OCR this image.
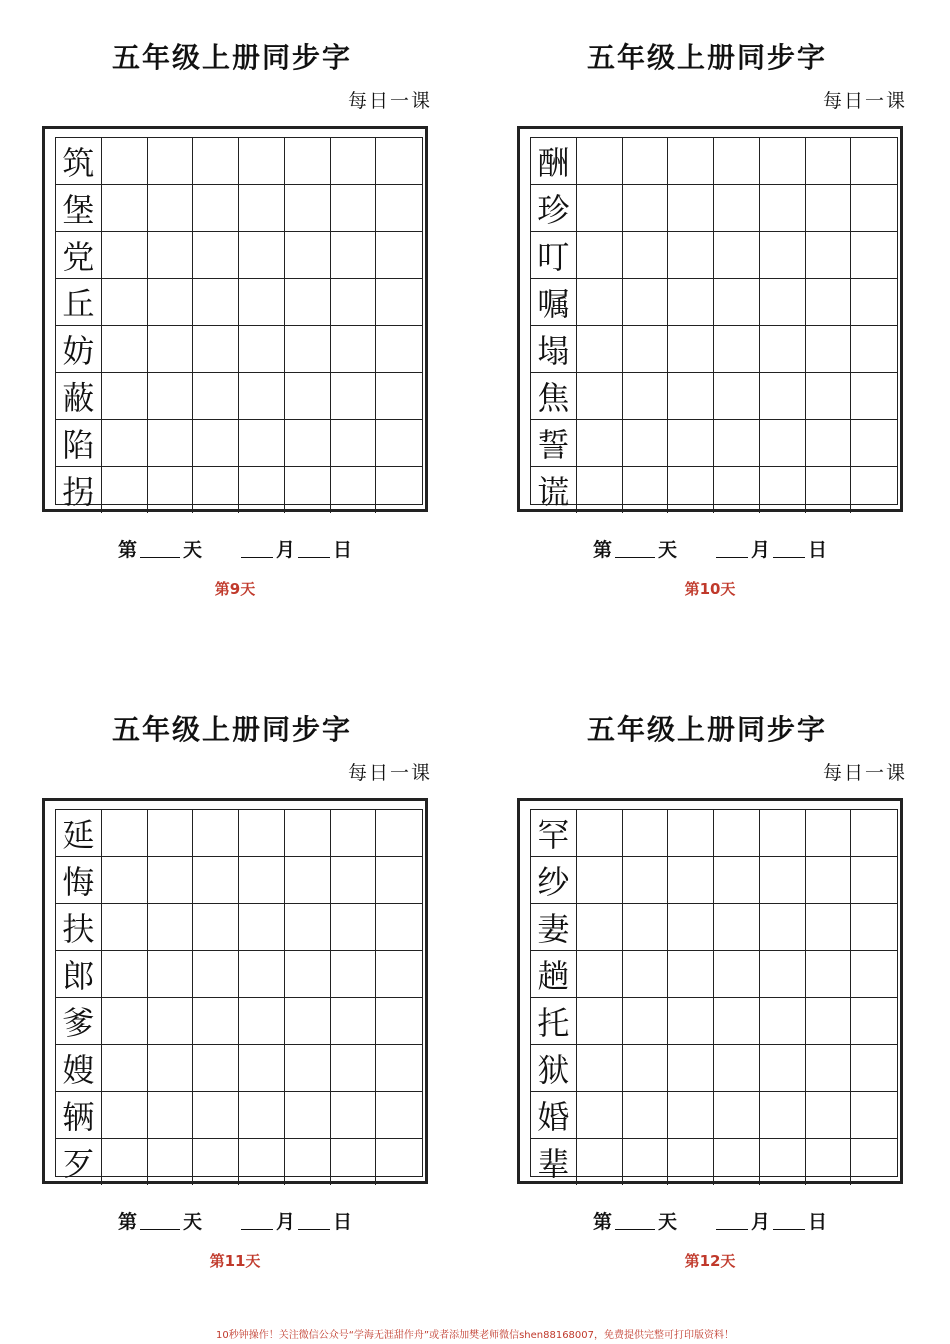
五年级上册同步字
每日一课
筑
堡
党
丘
妨
蔽
陷
拐
第 天	月 日
第9天
五年级上册同步字
每日一课
酬
珍
叮
嘱
塌
焦
誓
谎
第 天	月 日
第10天
五年级上册同步字
每日一课
延
悔
扶
郎
爹
嫂
辆
歹
第 天	月 日
第11天
五年级上册同步字
每日一课
罕
纱
妻
趟
托
狱
婚
辈
第 天	月 日
第12天
10秒钟操作！关注微信公众号“学海无涯甜作舟”或者添加樊老师微信shen88168007，免费提供完整可打印版资料！
